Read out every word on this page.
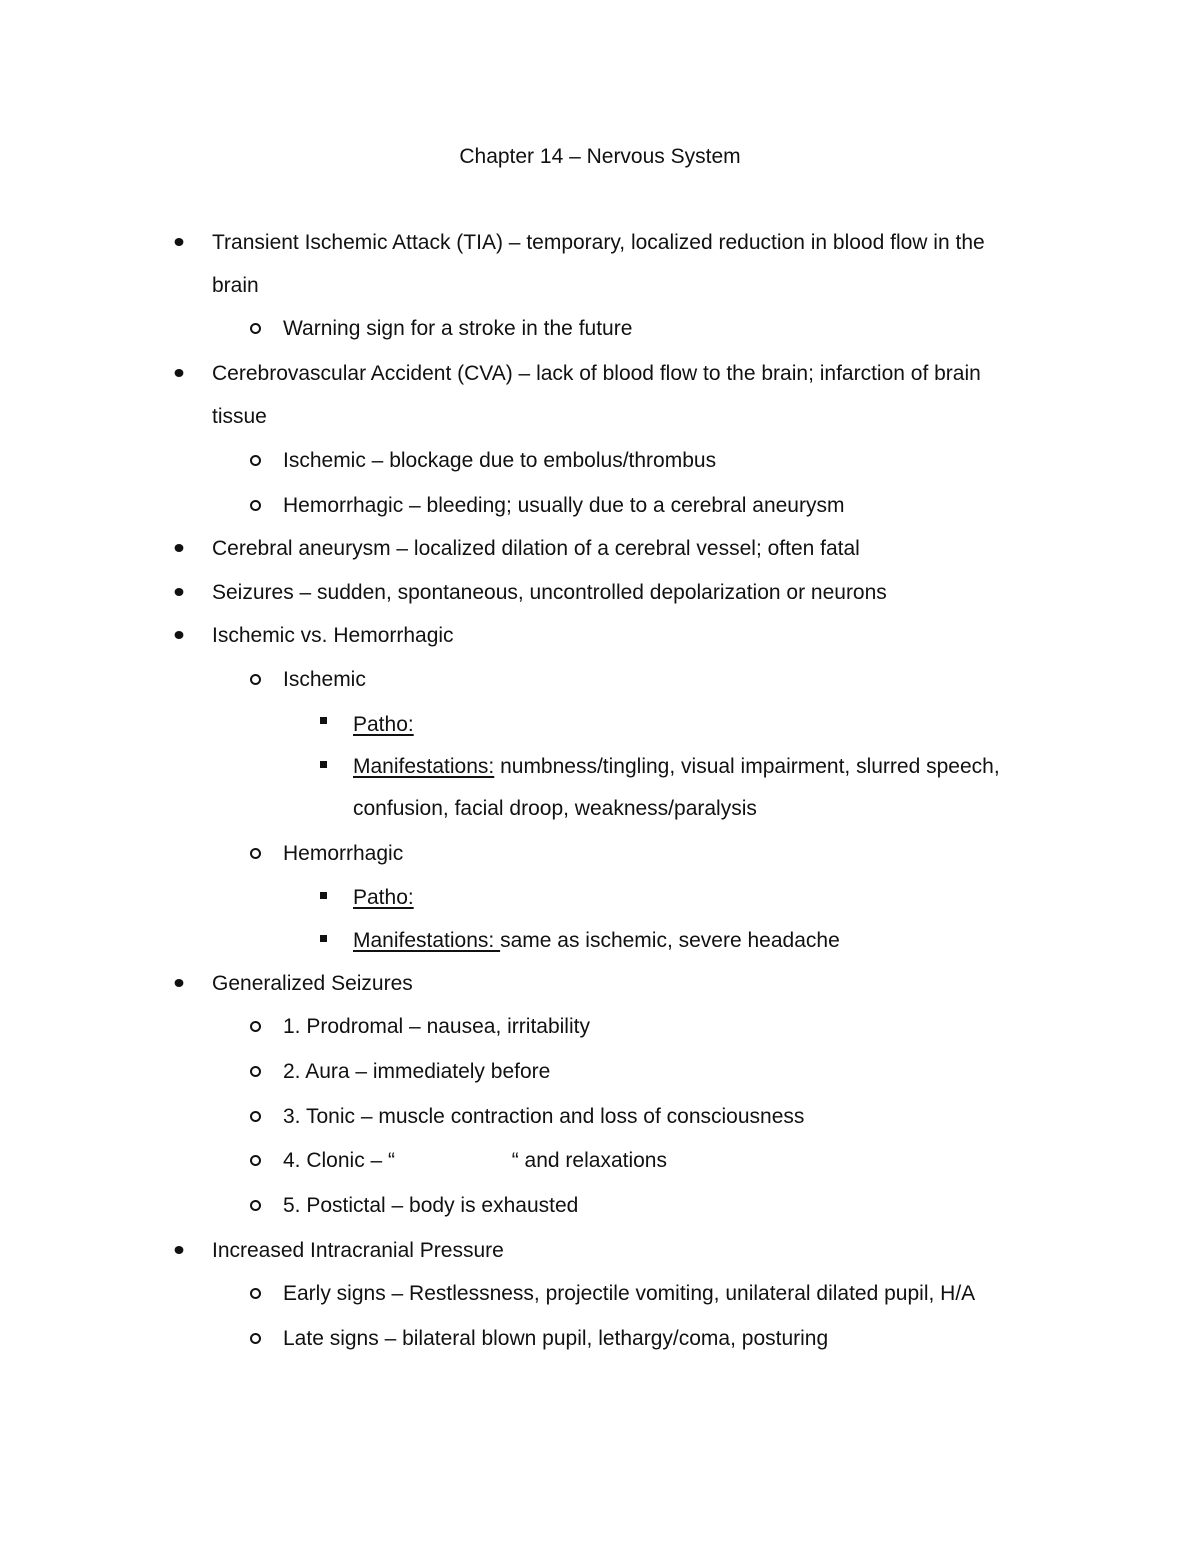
Chapter 14 – Nervous System
Transient Ischemic Attack (TIA) – temporary, localized reduction in blood flow in the
brain
Warning sign for a stroke in the future
Cerebrovascular Accident (CVA) – lack of blood flow to the brain; infarction of brain
tissue
Ischemic – blockage due to embolus/thrombus
Hemorrhagic – bleeding; usually due to a cerebral aneurysm
Cerebral aneurysm – localized dilation of a cerebral vessel; often fatal
Seizures – sudden, spontaneous, uncontrolled depolarization or neurons
Ischemic vs. Hemorrhagic
Ischemic
Patho:
Manifestations: numbness/tingling, visual impairment, slurred speech,
confusion, facial droop, weakness/paralysis
Hemorrhagic
Patho:
Manifestations: same as ischemic, severe headache
Generalized Seizures
1. Prodromal – nausea, irritability
2. Aura – immediately before
3. Tonic – muscle contraction and loss of consciousness
4. Clonic – “                    “ and relaxations
5. Postictal – body is exhausted
Increased Intracranial Pressure
Early signs – Restlessness, projectile vomiting, unilateral dilated pupil, H/A
Late signs – bilateral blown pupil, lethargy/coma, posturing
